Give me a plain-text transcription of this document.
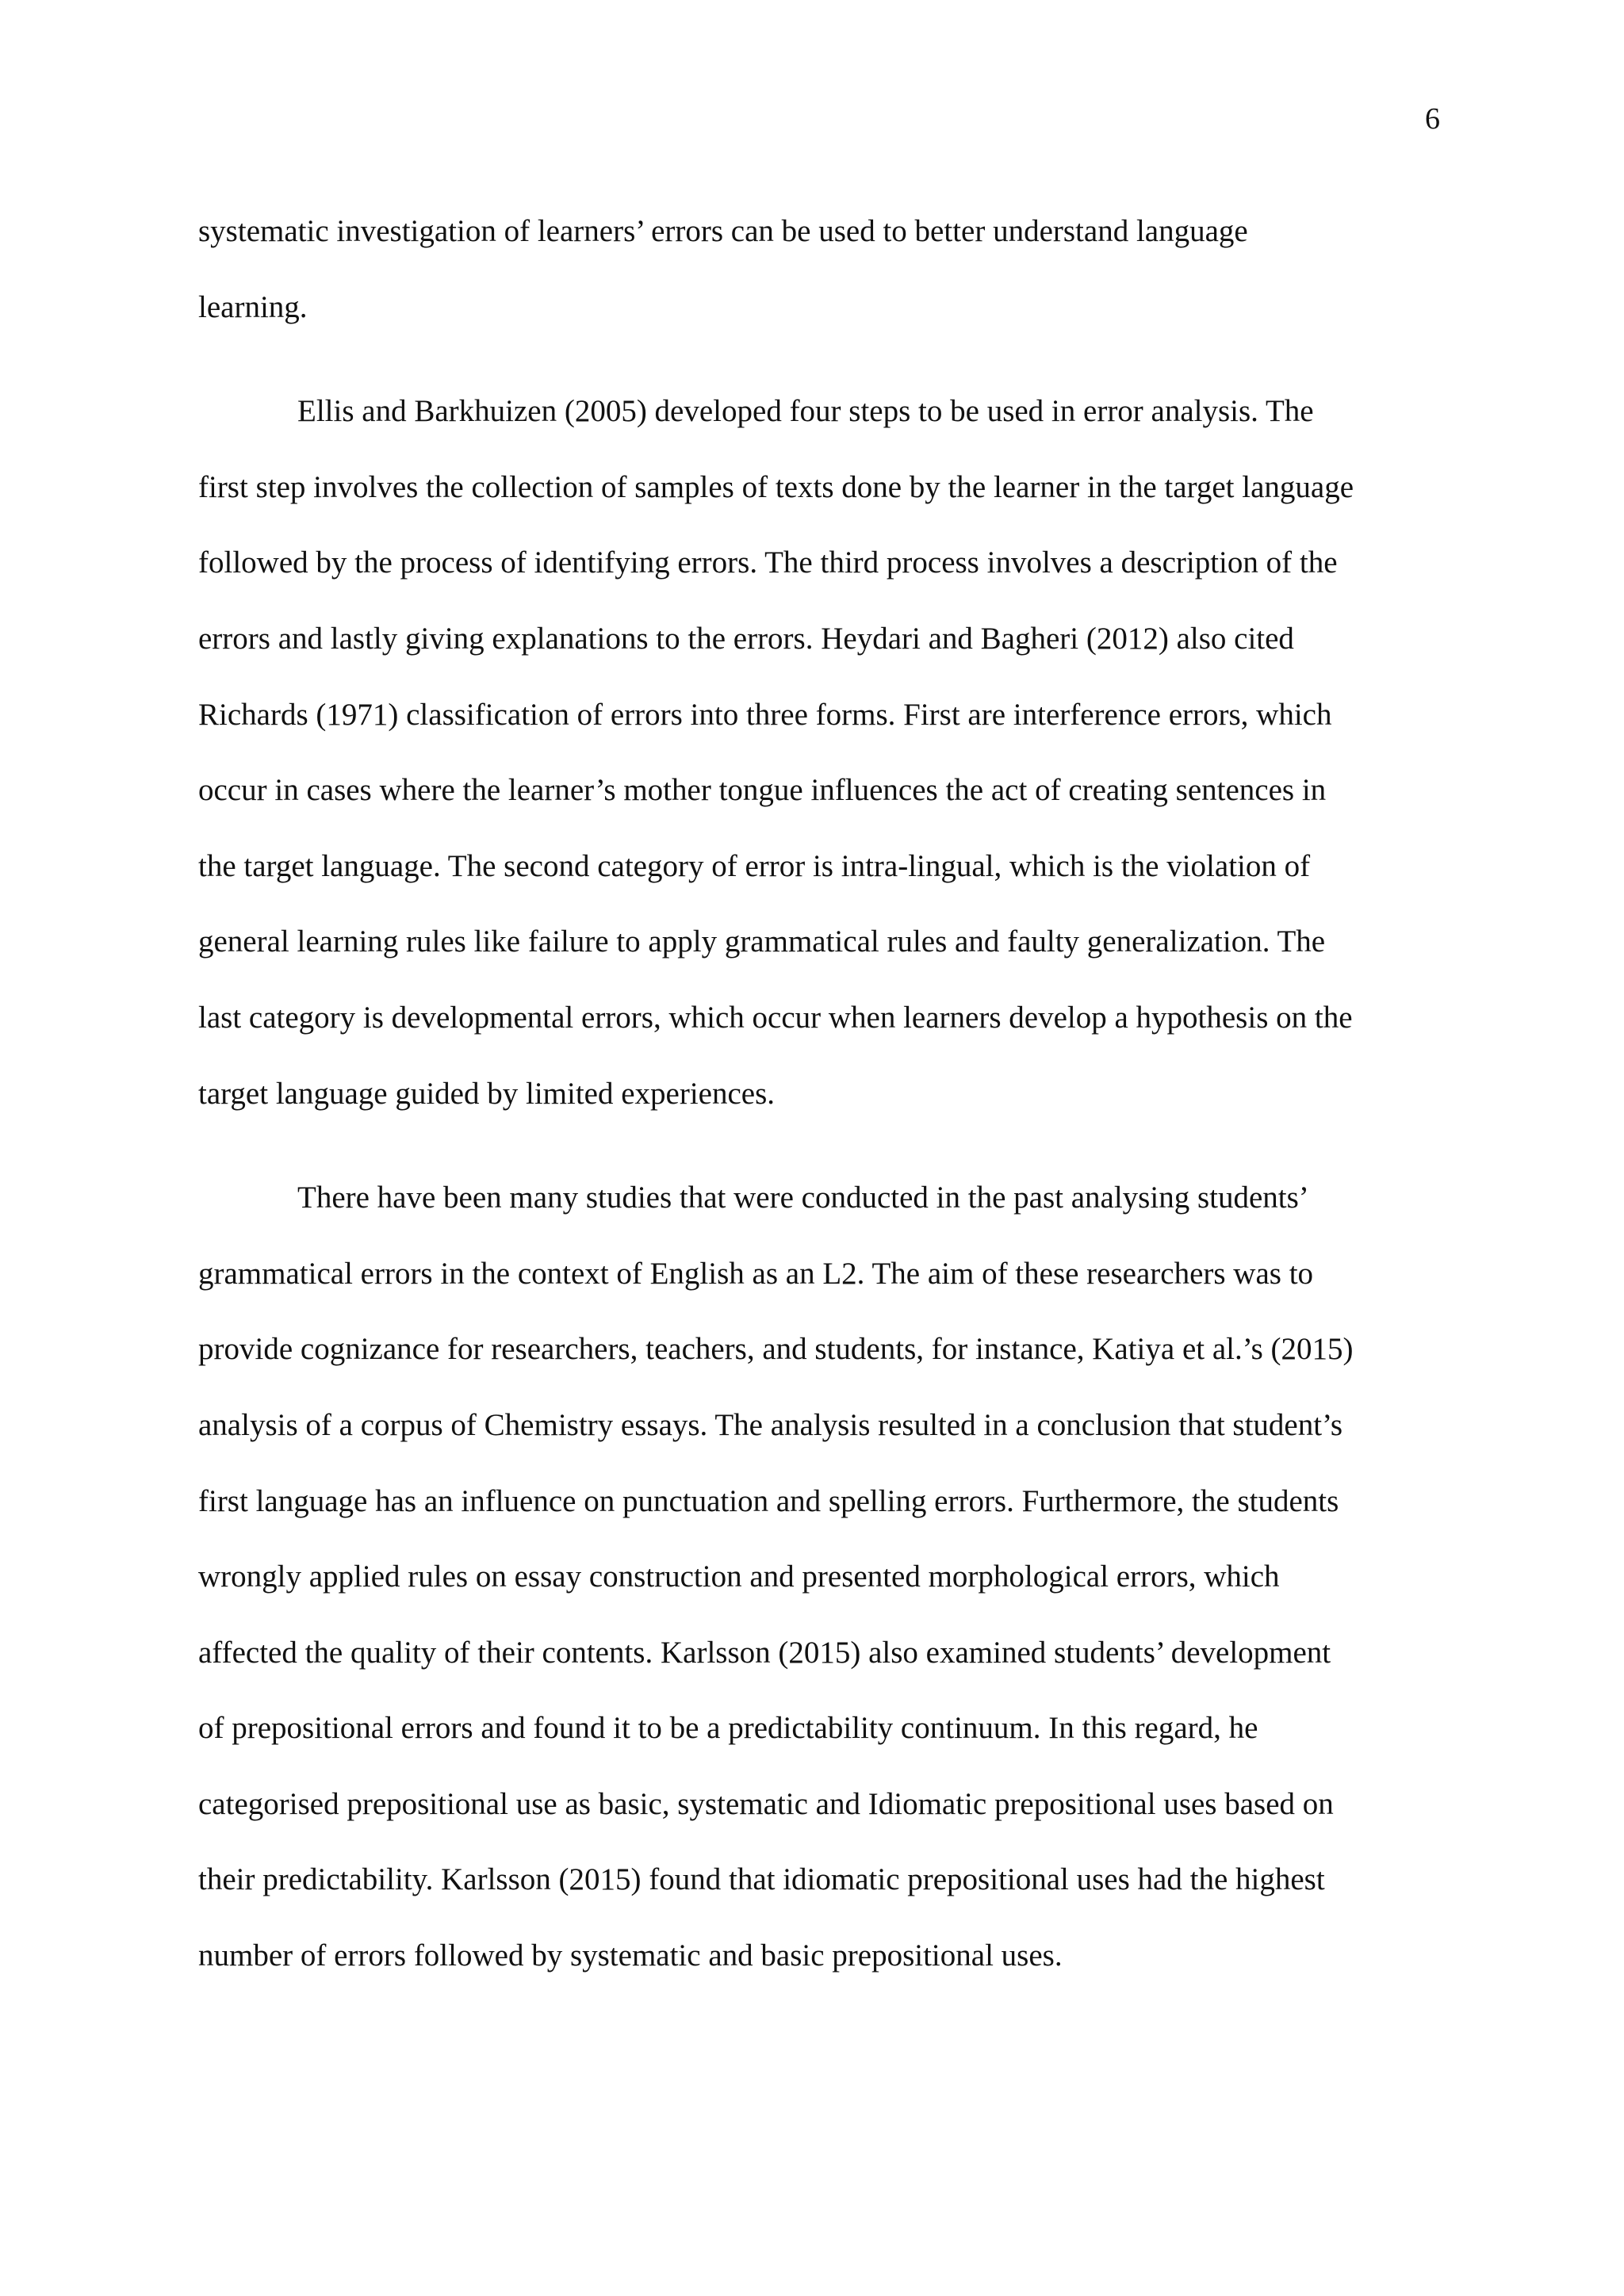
6
systematic investigation of learners’ errors can be used to better understand language
learning.
Ellis and Barkhuizen (2005) developed four steps to be used in error analysis. The
first step involves the collection of samples of texts done by the learner in the target language
followed by the process of identifying errors. The third process involves a description of the
errors and lastly giving explanations to the errors. Heydari and Bagheri (2012) also cited
Richards (1971) classification of errors into three forms. First are interference errors, which
occur in cases where the learner’s mother tongue influences the act of creating sentences in
the target language. The second category of error is intra-lingual, which is the violation of
general learning rules like failure to apply grammatical rules and faulty generalization. The
last category is developmental errors, which occur when learners develop a hypothesis on the
target language guided by limited experiences.
There have been many studies that were conducted in the past analysing students’
grammatical errors in the context of English as an L2. The aim of these researchers was to
provide cognizance for researchers, teachers, and students, for instance, Katiya et al.’s (2015)
analysis of a corpus of Chemistry essays. The analysis resulted in a conclusion that student’s
first language has an influence on punctuation and spelling errors. Furthermore, the students
wrongly applied rules on essay construction and presented morphological errors, which
affected the quality of their contents. Karlsson (2015) also examined students’ development
of prepositional errors and found it to be a predictability continuum. In this regard, he
categorised prepositional use as basic, systematic and Idiomatic prepositional uses based on
their predictability. Karlsson (2015) found that idiomatic prepositional uses had the highest
number of errors followed by systematic and basic prepositional uses.
